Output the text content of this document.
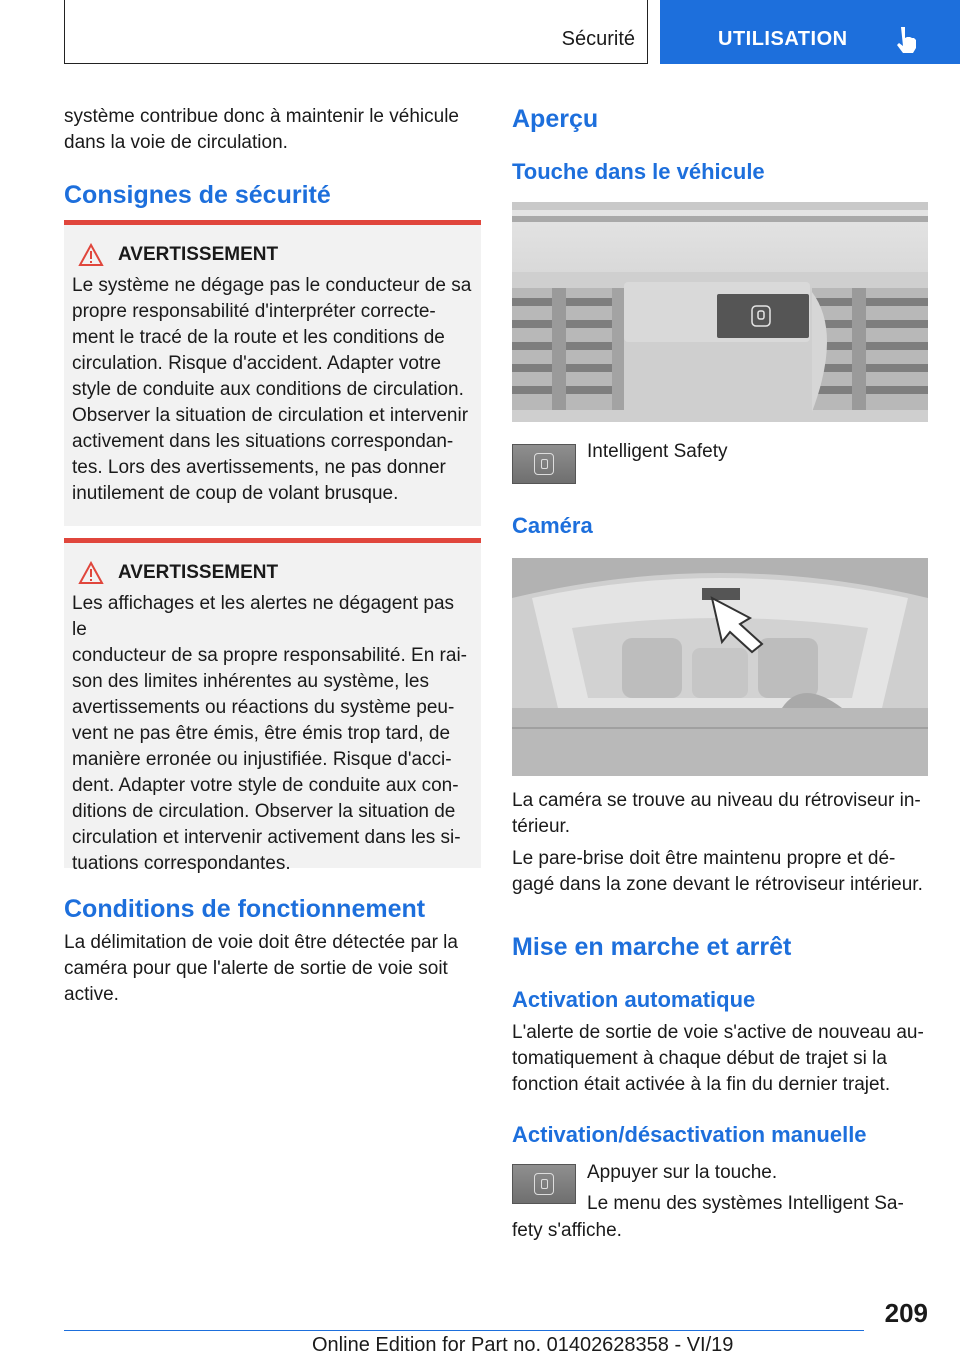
Sécurité	UTILISATION

système contribue donc à maintenir le véhicule dans la voie de circulation.

Consignes de sécurité
AVERTISSEMENT
Le système ne dégage pas le conducteur de sa
propre responsabilité d'interpréter correcte-
ment le tracé de la route et les conditions de
circulation. Risque d'accident. Adapter votre
style de conduite aux conditions de circulation.
Observer la situation de circulation et intervenir
activement dans les situations correspondan-
tes. Lors des avertissements, ne pas donner
inutilement de coup de volant brusque.
AVERTISSEMENT
Les affichages et les alertes ne dégagent pas le
conducteur de sa propre responsabilité. En rai-
son des limites inhérentes au système, les
avertissements ou réactions du système peu-
vent ne pas être émis, être émis trop tard, de
manière erronée ou injustifiée. Risque d'acci-
dent. Adapter votre style de conduite aux con-
ditions de circulation. Observer la situation de
circulation et intervenir activement dans les si-
tuations correspondantes.
Conditions de fonctionnement
La délimitation de voie doit être détectée par la
caméra pour que l'alerte de sortie de voie soit
active.
Aperçu
Touche dans le véhicule
Intelligent Safety
Caméra
La caméra se trouve au niveau du rétroviseur in-
térieur.
Le pare-brise doit être maintenu propre et dé-
gagé dans la zone devant le rétroviseur intérieur.
Mise en marche et arrêt
Activation automatique
L'alerte de sortie de voie s'active de nouveau au-
tomatiquement à chaque début de trajet si la
fonction était activée à la fin du dernier trajet.
Activation/désactivation manuelle
Appuyer sur la touche.
Le menu des systèmes Intelligent Sa-
fety s'affiche.
209
Online Edition for Part no. 01402628358 - VI/19
